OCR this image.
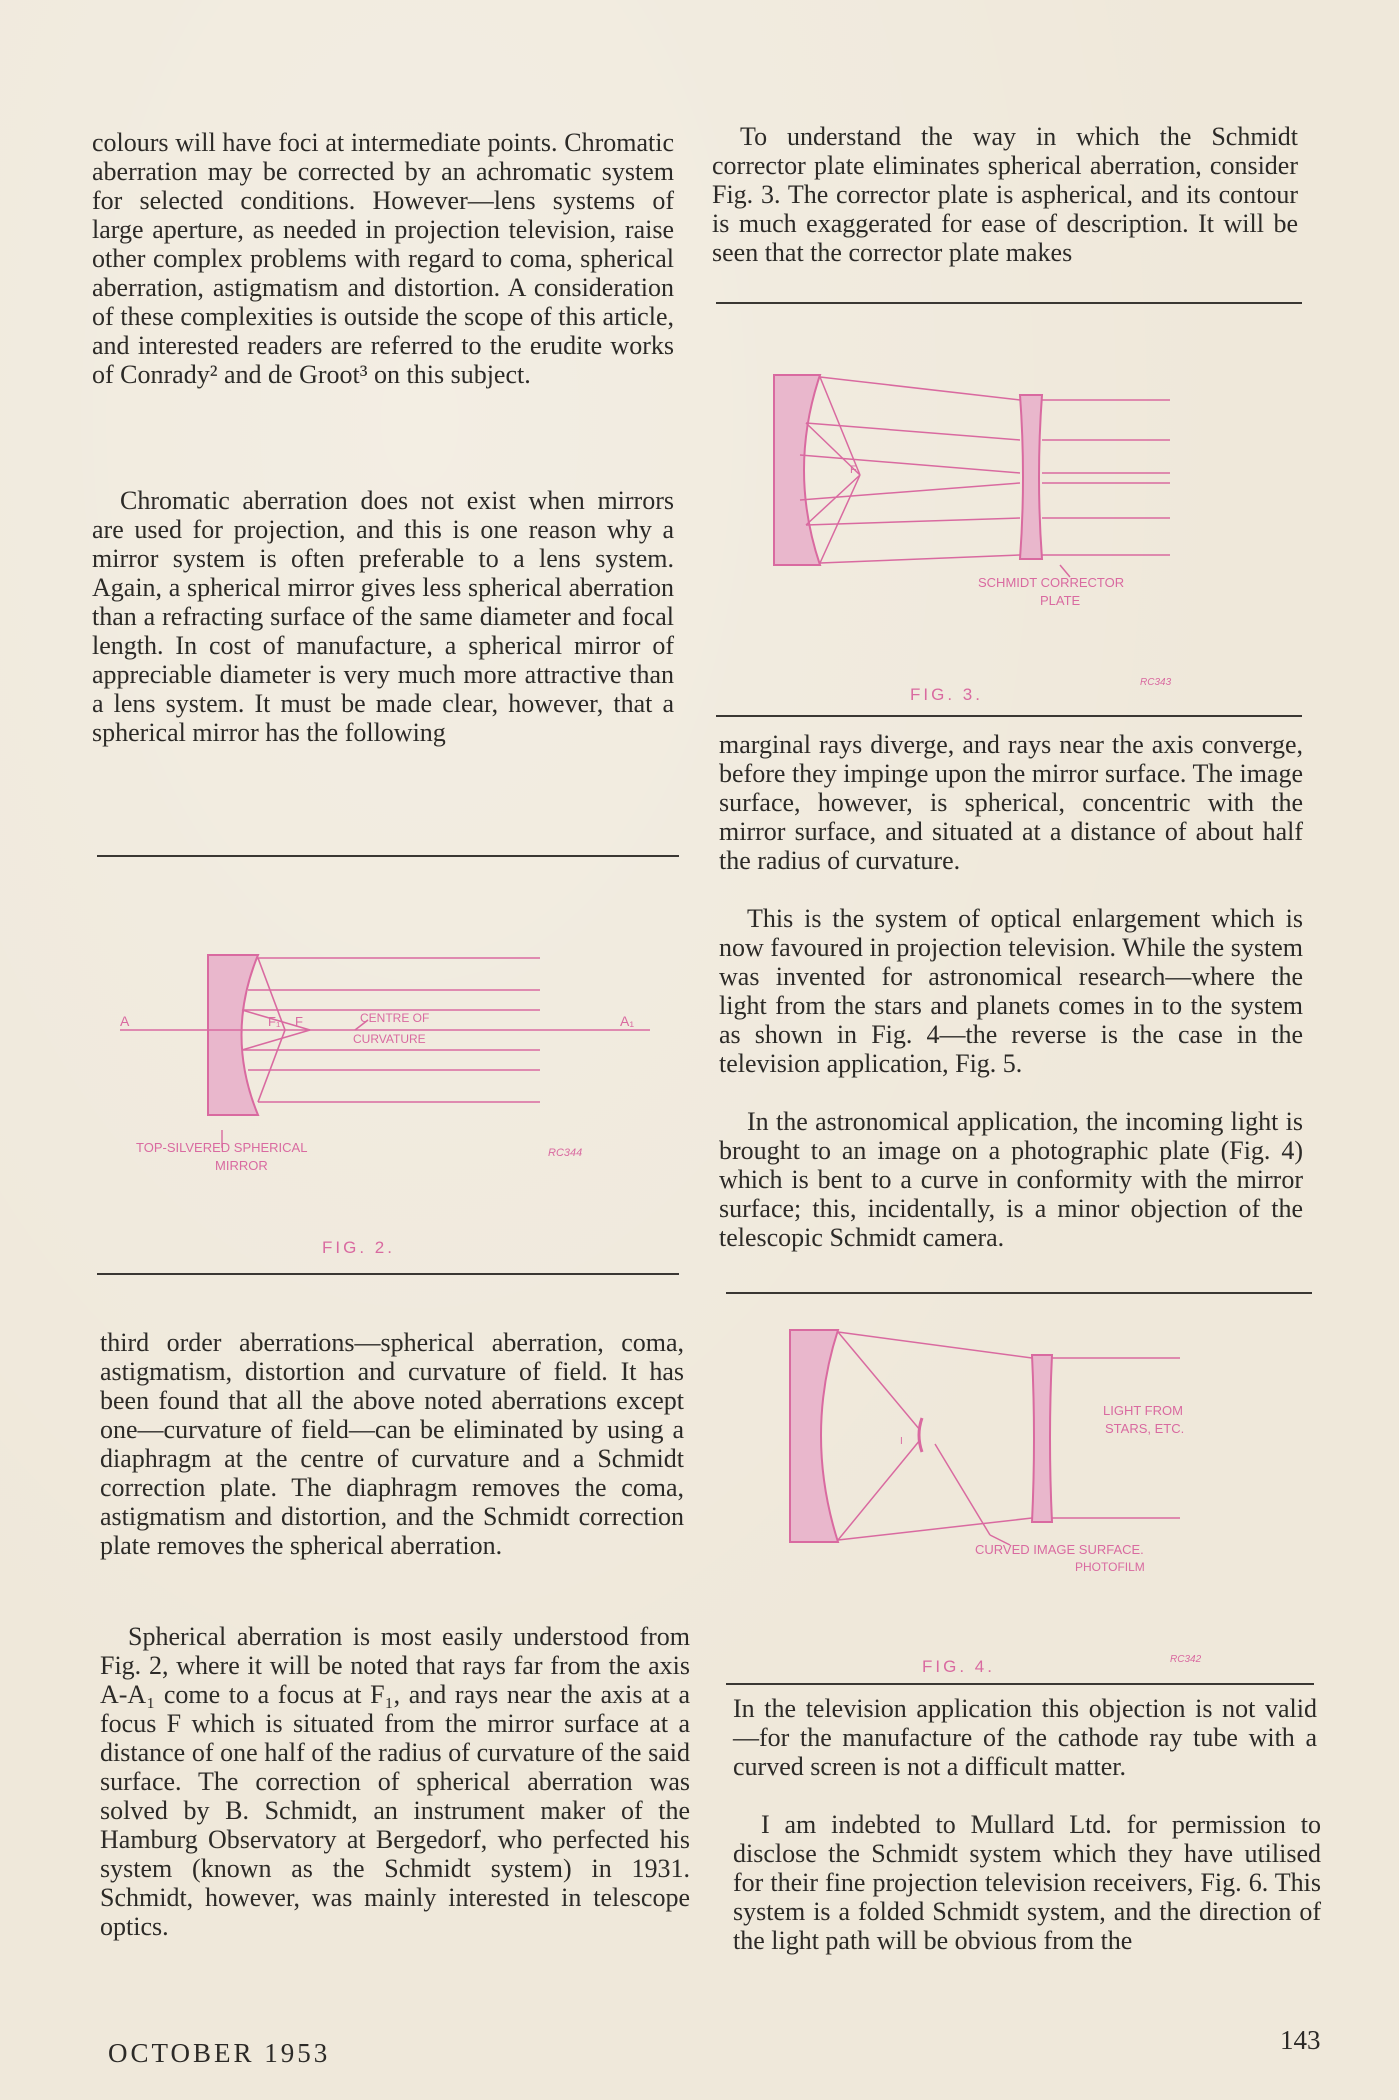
colours will have foci at intermediate points. Chromatic aberration may be corrected by an achromatic system for selected conditions. However—lens systems of large aperture, as needed in projection television, raise other complex problems with regard to coma, spherical aberration, astigmatism and distortion. A consideration of these complexities is outside the scope of this article, and interested readers are referred to the erudite works of Conrady² and de Groot³ on this subject.

Chromatic aberration does not exist when mirrors are used for projection, and this is one reason why a mirror system is often preferable to a lens system. Again, a spherical mirror gives less spherical aberration than a refracting surface of the same diameter and focal length. In cost of manufacture, a spherical mirror of appreciable diameter is very much more attractive than a lens system. It must be made clear, however, that a spherical mirror has the following

A	A₁
F₁ F	CENTRE OF
CURVATURE
TOP-SILVERED SPHERICAL
MIRROR
RC344
FIG. 2.

third order aberrations—spherical aberration, coma, astigmatism, distortion and curvature of field. It has been found that all the above noted aberrations except one—curvature of field—can be eliminated by using a diaphragm at the centre of curvature and a Schmidt correction plate. The diaphragm removes the coma, astigmatism and distortion, and the Schmidt correction plate removes the spherical aberration.

Spherical aberration is most easily understood from Fig. 2, where it will be noted that rays far from the axis A-A₁ come to a focus at F₁, and rays near the axis at a focus F which is situated from the mirror surface at a distance of one half of the radius of curvature of the said surface. The correction of spherical aberration was solved by B. Schmidt, an instrument maker of the Hamburg Observatory at Bergedorf, who perfected his system (known as the Schmidt system) in 1931. Schmidt, however, was mainly interested in telescope optics.

To understand the way in which the Schmidt corrector plate eliminates spherical aberration, consider Fig. 3. The corrector plate is aspherical, and its contour is much exaggerated for ease of description. It will be seen that the corrector plate makes

F
SCHMIDT CORRECTOR
PLATE
FIG. 3.
RC343

marginal rays diverge, and rays near the axis converge, before they impinge upon the mirror surface. The image surface, however, is spherical, concentric with the mirror surface, and situated at a distance of about half the radius of curvature.

This is the system of optical enlargement which is now favoured in projection television. While the system was invented for astronomical research—where the light from the stars and planets comes in to the system as shown in Fig. 4—the reverse is the case in the television application, Fig. 5.

In the astronomical application, the incoming light is brought to an image on a photographic plate (Fig. 4) which is bent to a curve in conformity with the mirror surface; this, incidentally, is a minor objection of the telescopic Schmidt camera.

I
LIGHT FROM
STARS, ETC.
CURVED IMAGE SURFACE.
PHOTOFILM
FIG. 4.	RC342

In the television application this objection is not valid—for the manufacture of the cathode ray tube with a curved screen is not a difficult matter.

I am indebted to Mullard Ltd. for permission to disclose the Schmidt system which they have utilised for their fine projection television receivers, Fig. 6. This system is a folded Schmidt system, and the direction of the light path will be obvious from the

OCTOBER 1953	143
